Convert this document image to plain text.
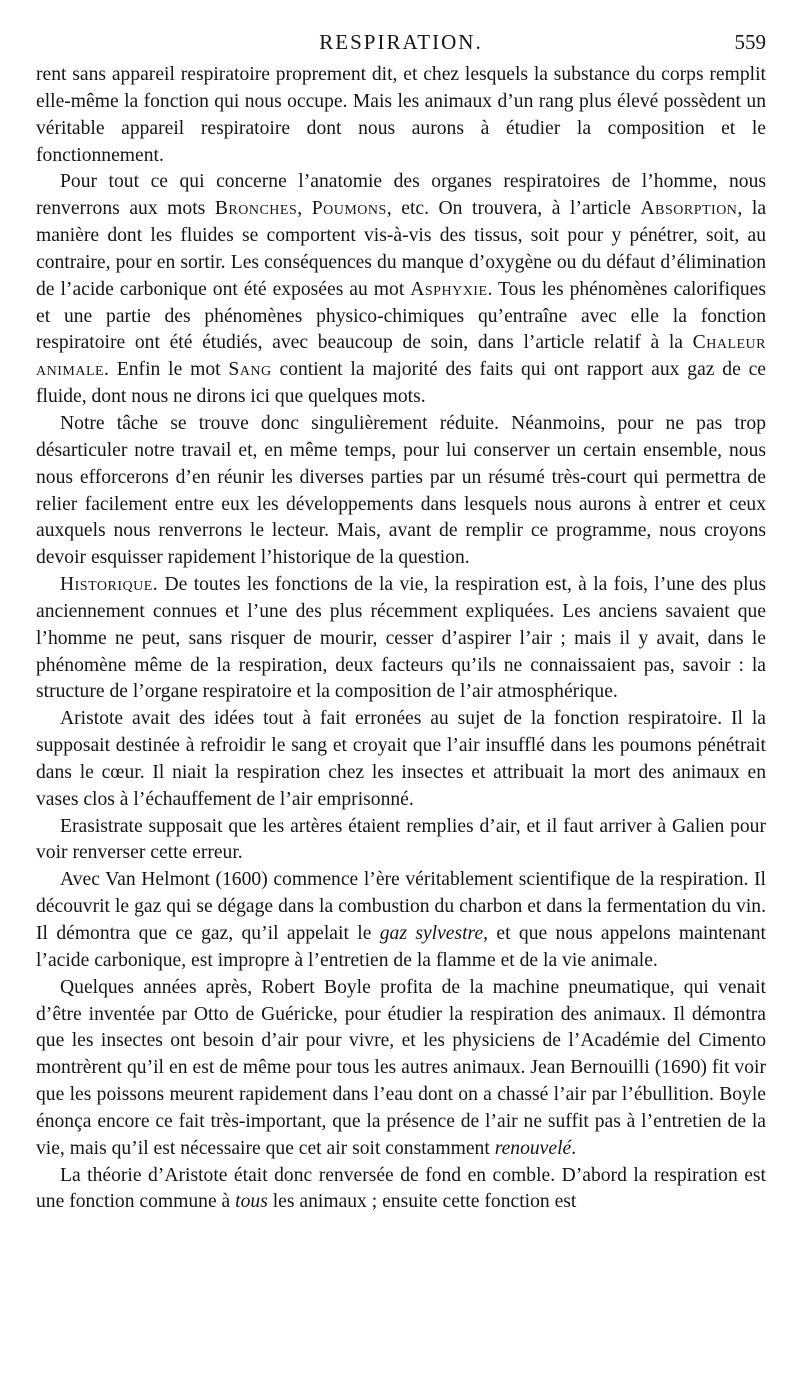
RESPIRATION.	559

rent sans appareil respiratoire proprement dit, et chez lesquels la substance du corps remplit elle-même la fonction qui nous occupe. Mais les animaux d’un rang plus élevé possèdent un véritable appareil respiratoire dont nous aurons à étudier la composition et le fonctionnement.

Pour tout ce qui concerne l’anatomie des organes respiratoires de l’homme, nous renverrons aux mots Bronches, Poumons, etc. On trouvera, à l’article Absorption, la manière dont les fluides se comportent vis-à-vis des tissus, soit pour y pénétrer, soit, au contraire, pour en sortir. Les conséquences du manque d’oxygène ou du défaut d’élimination de l’acide carbonique ont été exposées au mot Asphyxie. Tous les phénomènes calorifiques et une partie des phénomènes physico-chimiques qu’entraîne avec elle la fonction respiratoire ont été étudiés, avec beaucoup de soin, dans l’article relatif à la Chaleur animale. Enfin le mot Sang contient la majorité des faits qui ont rapport aux gaz de ce fluide, dont nous ne dirons ici que quelques mots.

Notre tâche se trouve donc singulièrement réduite. Néanmoins, pour ne pas trop désarticuler notre travail et, en même temps, pour lui conserver un certain ensemble, nous nous efforcerons d’en réunir les diverses parties par un résumé très-court qui permettra de relier facilement entre eux les développements dans lesquels nous aurons à entrer et ceux auxquels nous renverrons le lecteur. Mais, avant de remplir ce programme, nous croyons devoir esquisser rapidement l’historique de la question.

Historique. De toutes les fonctions de la vie, la respiration est, à la fois, l’une des plus anciennement connues et l’une des plus récemment expliquées. Les anciens savaient que l’homme ne peut, sans risquer de mourir, cesser d’aspirer l’air ; mais il y avait, dans le phénomène même de la respiration, deux facteurs qu’ils ne connaissaient pas, savoir : la structure de l’organe respiratoire et la composition de l’air atmosphérique.

Aristote avait des idées tout à fait erronées au sujet de la fonction respiratoire. Il la supposait destinée à refroidir le sang et croyait que l’air insufflé dans les poumons pénétrait dans le cœur. Il niait la respiration chez les insectes et attribuait la mort des animaux en vases clos à l’échauffement de l’air emprisonné.

Erasistrate supposait que les artères étaient remplies d’air, et il faut arriver à Galien pour voir renverser cette erreur.

Avec Van Helmont (1600) commence l’ère véritablement scientifique de la respiration. Il découvrit le gaz qui se dégage dans la combustion du charbon et dans la fermentation du vin. Il démontra que ce gaz, qu’il appelait le gaz sylvestre, et que nous appelons maintenant l’acide carbonique, est impropre à l’entretien de la flamme et de la vie animale.

Quelques années après, Robert Boyle profita de la machine pneumatique, qui venait d’être inventée par Otto de Guéricke, pour étudier la respiration des animaux. Il démontra que les insectes ont besoin d’air pour vivre, et les physiciens de l’Académie del Cimento montrèrent qu’il en est de même pour tous les autres animaux. Jean Bernouilli (1690) fit voir que les poissons meurent rapidement dans l’eau dont on a chassé l’air par l’ébullition. Boyle énonça encore ce fait très-important, que la présence de l’air ne suffit pas à l’entretien de la vie, mais qu’il est nécessaire que cet air soit constamment renouvelé.

La théorie d’Aristote était donc renversée de fond en comble. D’abord la respiration est une fonction commune à tous les animaux ; ensuite cette fonction est
